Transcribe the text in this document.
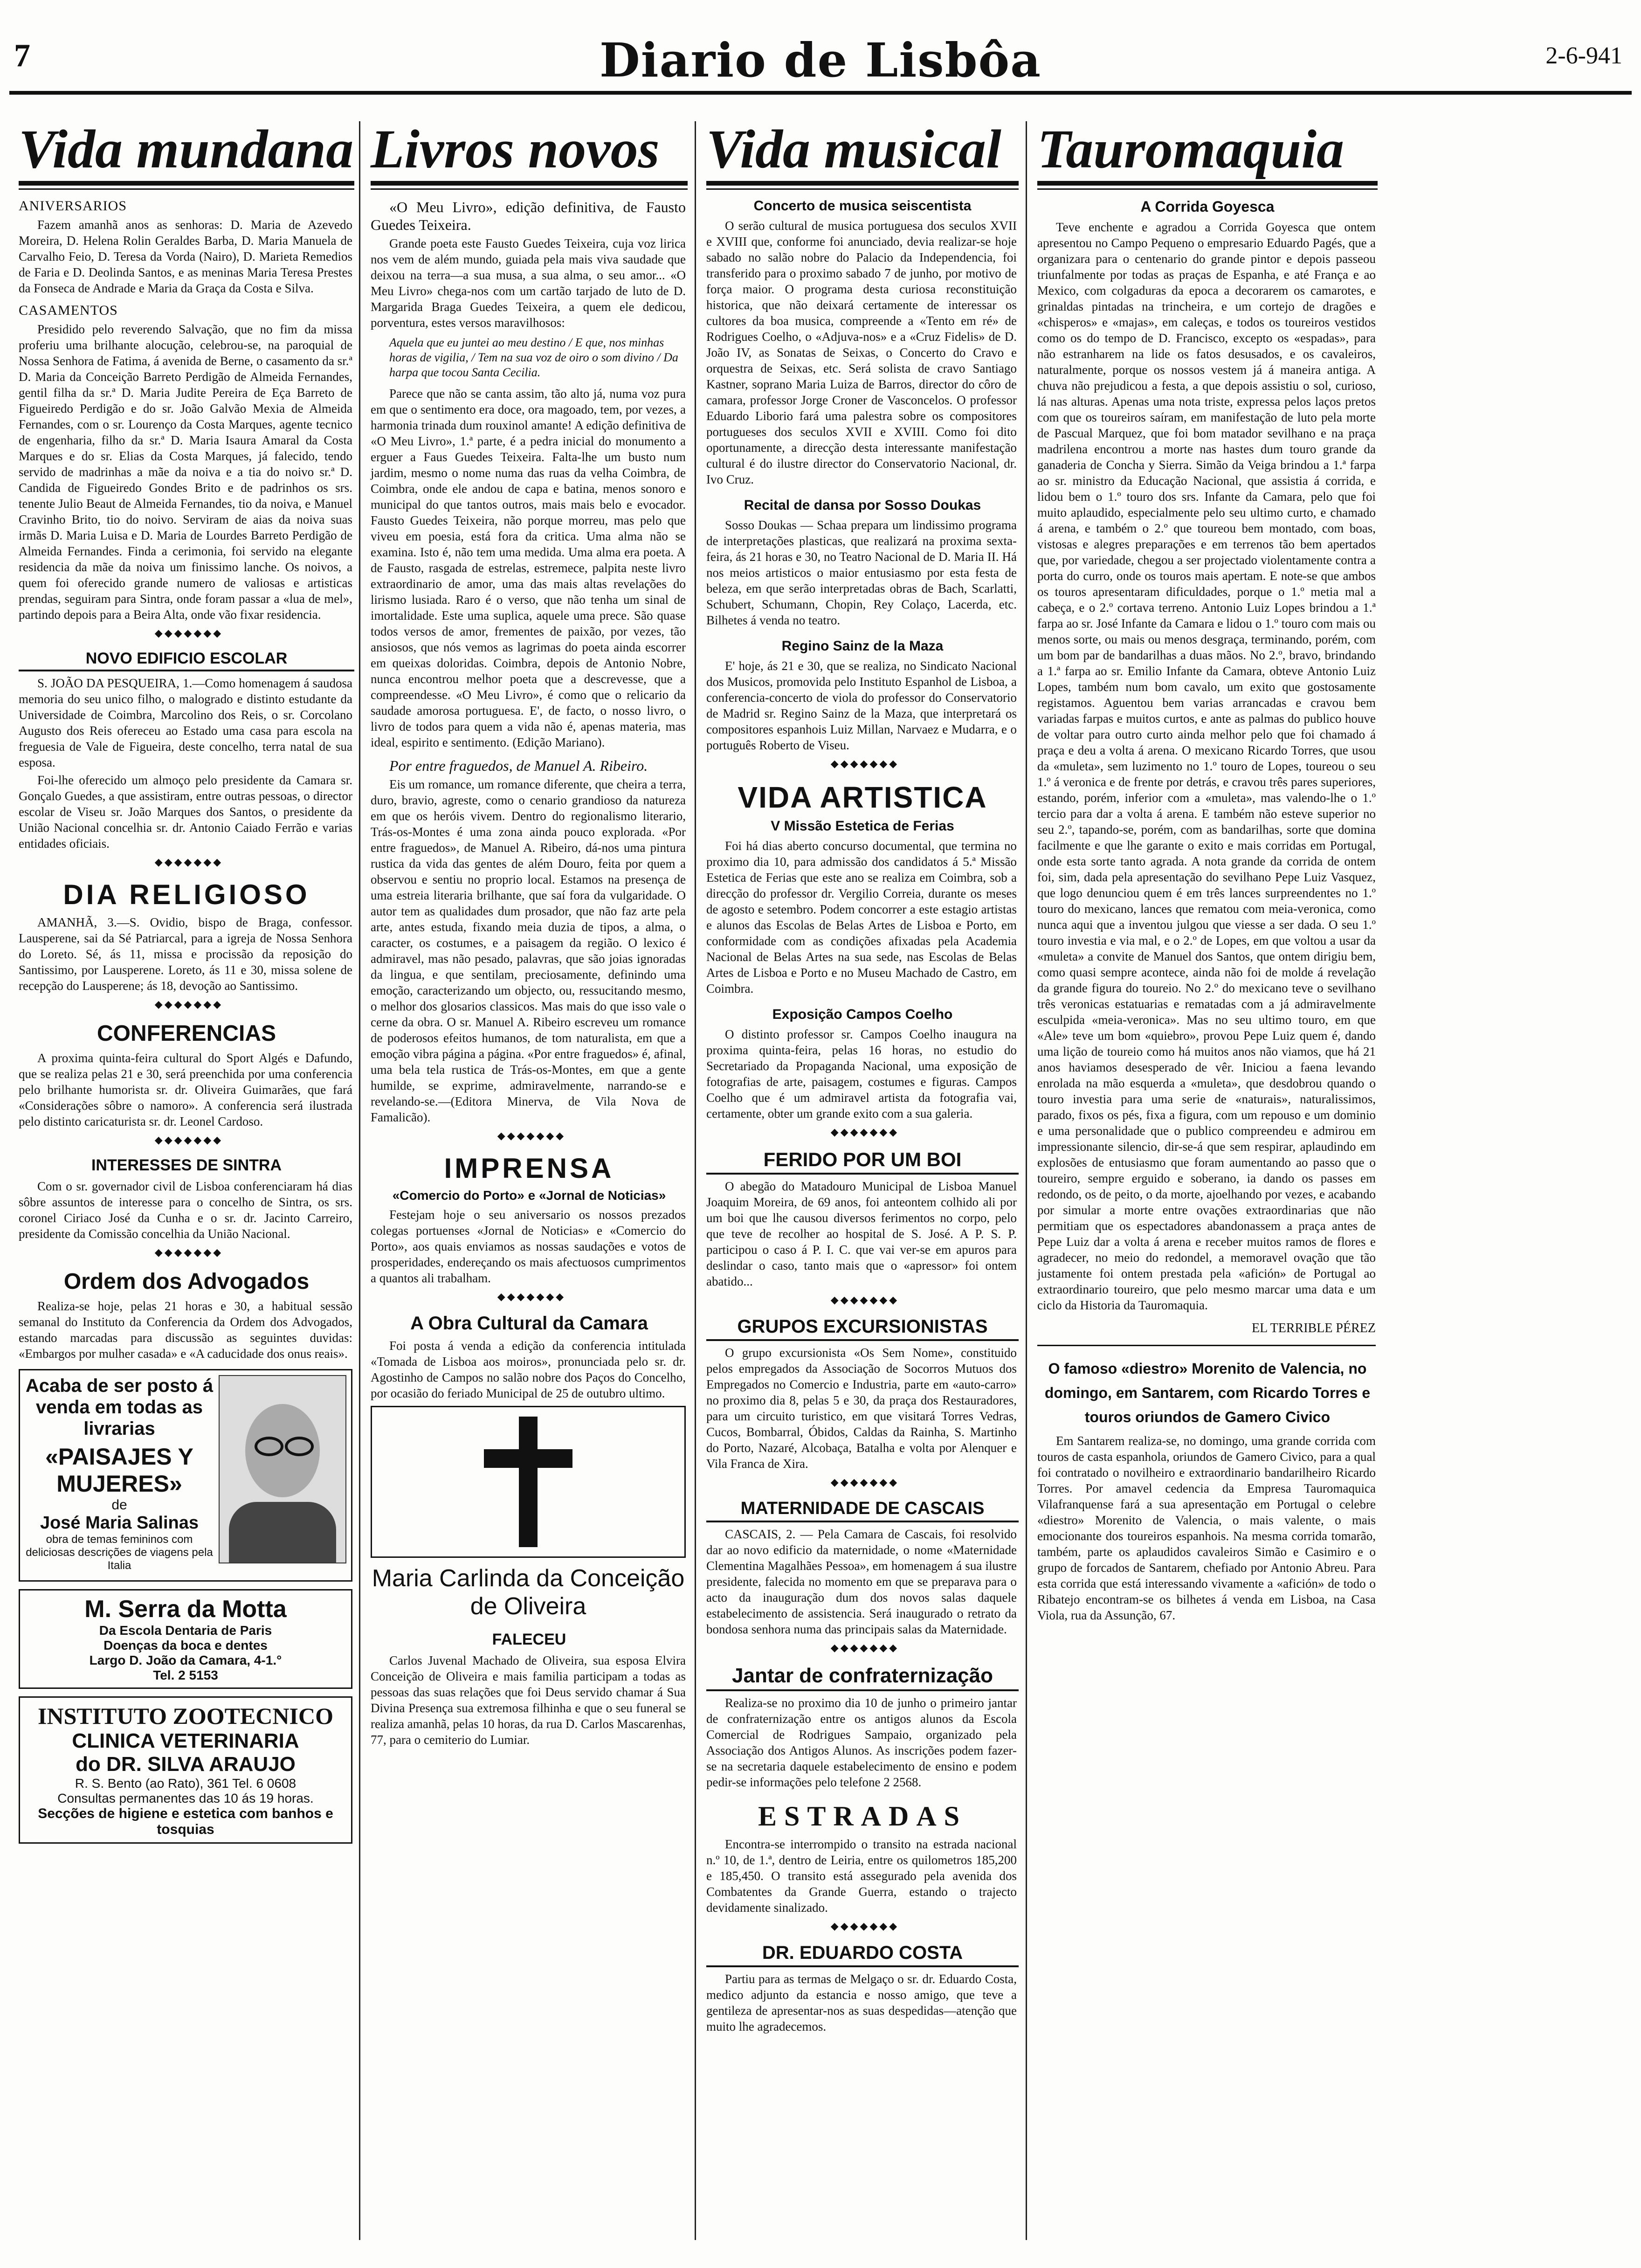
7	Diario de Lisbôa	2-6-941
Vida mundana
ANIVERSARIOS

Fazem amanhã anos as senhoras: D. Maria de Azevedo Moreira, D. Helena Rolin Geraldes Barba, D. Maria Manuela de Carvalho Feio, D. Teresa da Vorda (Nairo), D. Marieta Remedios de Faria e D. Deolinda Santos, e as meninas Maria Teresa Prestes da Fonseca de Andrade e Maria da Graça da Costa e Silva.

CASAMENTOS

Presidido pelo reverendo Salvação, que no fim da missa proferiu uma brilhante alocução, celebrou-se, na paroquial de Nossa Senhora de Fatima, á avenida de Berne, o casamento da sr.ª D. Maria da Conceição Barreto Perdigão de Almeida Fernandes, gentil filha da sr.ª D. Maria Judite Pereira de Eça Barreto de Figueiredo Perdigão e do sr. João Galvão Mexia de Almeida Fernandes, com o sr. Lourenço da Costa Marques, agente tecnico de engenharia, filho da sr.ª D. Maria Isaura Amaral da Costa Marques e do sr. Elias da Costa Marques, já falecido, tendo servido de madrinhas a mãe da noiva e a tia do noivo sr.ª D. Candida de Figueiredo Gondes Brito e de padrinhos os srs. tenente Julio Beaut de Almeida Fernandes, tio da noiva, e Manuel Cravinho Brito, tio do noivo. Serviram de aias da noiva suas irmãs D. Maria Luisa e D. Maria de Lourdes Barreto Perdigão de Almeida Fernandes. Finda a cerimonia, foi servido na elegante residencia da mãe da noiva um finissimo lanche. Os noivos, a quem foi oferecido grande numero de valiosas e artisticas prendas, seguiram para Sintra, onde foram passar a «lua de mel», partindo depois para a Beira Alta, onde vão fixar residencia.

◆◆◆◆◆◆◆
NOVO EDIFICIO ESCOLAR

S. JOÃO DA PESQUEIRA, 1.—Como homenagem á saudosa memoria do seu unico filho, o malogrado e distinto estudante da Universidade de Coimbra, Marcolino dos Reis, o sr. Corcolano Augusto dos Reis ofereceu ao Estado uma casa para escola na freguesia de Vale de Figueira, deste concelho, terra natal de sua esposa.

Foi-lhe oferecido um almoço pelo presidente da Camara sr. Gonçalo Guedes, a que assistiram, entre outras pessoas, o director escolar de Viseu sr. João Marques dos Santos, o presidente da União Nacional concelhia sr. dr. Antonio Caiado Ferrão e varias entidades oficiais.

◆◆◆◆◆◆◆
DIA RELIGIOSO

AMANHÃ, 3.—S. Ovidio, bispo de Braga, confessor. Lausperene, sai da Sé Patriarcal, para a igreja de Nossa Senhora do Loreto. Sé, ás 11, missa e procissão da reposição do Santissimo, por Lausperene. Loreto, ás 11 e 30, missa solene de recepção do Lausperene; ás 18, devoção ao Santissimo.

◆◆◆◆◆◆◆
CONFERENCIAS

A proxima quinta-feira cultural do Sport Algés e Dafundo, que se realiza pelas 21 e 30, será preenchida por uma conferencia pelo brilhante humorista sr. dr. Oliveira Guimarães, que fará «Considerações sôbre o namoro». A conferencia será ilustrada pelo distinto caricaturista sr. dr. Leonel Cardoso.

◆◆◆◆◆◆◆
INTERESSES DE SINTRA

Com o sr. governador civil de Lisboa conferenciaram há dias sôbre assuntos de interesse para o concelho de Sintra, os srs. coronel Ciriaco José da Cunha e o sr. dr. Jacinto Carreiro, presidente da Comissão concelhia da União Nacional.

◆◆◆◆◆◆◆
Ordem dos Advogados

Realiza-se hoje, pelas 21 horas e 30, a habitual sessão semanal do Instituto da Conferencia da Ordem dos Advogados, estando marcadas para discussão as seguintes duvidas: «Embargos por mulher casada» e «A caducidade dos onus reais».

Acaba de ser posto á venda em todas as livrarias
«PAISAJES Y MUJERES»
de
José Maria Salinas
obra de temas femininos com deliciosas descrições de viagens pela Italia
M. Serra da Motta
Da Escola Dentaria de Paris
Doenças da boca e dentes
Largo D. João da Camara, 4-1.°
Tel. 2 5153
INSTITUTO ZOOTECNICO
CLINICA VETERINARIA
do DR. SILVA ARAUJO
R. S. Bento (ao Rato), 361 Tel. 6 0608
Consultas permanentes das 10 ás 19 horas.
Secções de higiene e estetica com banhos e tosquias
Livros novos

«O Meu Livro», edição definitiva, de Fausto Guedes Teixeira.

Grande poeta este Fausto Guedes Teixeira, cuja voz lirica nos vem de além mundo, guiada pela mais viva saudade que deixou na terra—a sua musa, a sua alma, o seu amor... «O Meu Livro» chega-nos com um cartão tarjado de luto de D. Margarida Braga Guedes Teixeira, a quem ele dedicou, porventura, estes versos maravilhosos:

Aquela que eu juntei ao meu destino / E que, nos minhas horas de vigilia, / Tem na sua voz de oiro o som divino / Da harpa que tocou Santa Cecilia.

Parece que não se canta assim, tão alto já, numa voz pura em que o sentimento era doce, ora magoado, tem, por vezes, a harmonia trinada dum rouxinol amante! A edição definitiva de «O Meu Livro», 1.ª parte, é a pedra inicial do monumento a erguer a Faus Guedes Teixeira. Falta-lhe um busto num jardim, mesmo o nome numa das ruas da velha Coimbra, de Coimbra, onde ele andou de capa e batina, menos sonoro e municipal do que tantos outros, mais mais belo e evocador. Fausto Guedes Teixeira, não porque morreu, mas pelo que viveu em poesia, está fora da critica. Uma alma não se examina. Isto é, não tem uma medida. Uma alma era poeta. A de Fausto, rasgada de estrelas, estremece, palpita neste livro extraordinario de amor, uma das mais altas revelações do lirismo lusiada. Raro é o verso, que não tenha um sinal de imortalidade. Este uma suplica, aquele uma prece. São quase todos versos de amor, frementes de paixão, por vezes, tão ansiosos, que nós vemos as lagrimas do poeta ainda escorrer em queixas doloridas. Coimbra, depois de Antonio Nobre, nunca encontrou melhor poeta que a descrevesse, que a compreendesse. «O Meu Livro», é como que o relicario da saudade amorosa portuguesa. E', de facto, o nosso livro, o livro de todos para quem a vida não é, apenas materia, mas ideal, espirito e sentimento. (Edição Mariano).

Por entre fraguedos, de Manuel A. Ribeiro.

Eis um romance, um romance diferente, que cheira a terra, duro, bravio, agreste, como o cenario grandioso da natureza em que os heróis vivem. Dentro do regionalismo literario, Trás-os-Montes é uma zona ainda pouco explorada. «Por entre fraguedos», de Manuel A. Ribeiro, dá-nos uma pintura rustica da vida das gentes de além Douro, feita por quem a observou e sentiu no proprio local. Estamos na presença de uma estreia literaria brilhante, que saí fora da vulgaridade. O autor tem as qualidades dum prosador, que não faz arte pela arte, antes estuda, fixando meia duzia de tipos, a alma, o caracter, os costumes, e a paisagem da região. O lexico é admiravel, mas não pesado, palavras, que são joias ignoradas da lingua, e que sentilam, preciosamente, definindo uma emoção, caracterizando um objecto, ou, ressucitando mesmo, o melhor dos glosarios classicos. Mas mais do que isso vale o cerne da obra. O sr. Manuel A. Ribeiro escreveu um romance de poderosos efeitos humanos, de tom naturalista, em que a emoção vibra página a página. «Por entre fraguedos» é, afinal, uma bela tela rustica de Trás-os-Montes, em que a gente humilde, se exprime, admiravelmente, narrando-se e revelando-se.—(Editora Minerva, de Vila Nova de Famalicão).

◆◆◆◆◆◆◆
IMPRENSA
«Comercio do Porto» e «Jornal de Noticias»

Festejam hoje o seu aniversario os nossos prezados colegas portuenses «Jornal de Noticias» e «Comercio do Porto», aos quais enviamos as nossas saudações e votos de prosperidades, endereçando os mais afectuosos cumprimentos a quantos ali trabalham.

◆◆◆◆◆◆◆
A Obra Cultural da Camara

Foi posta á venda a edição da conferencia intitulada «Tomada de Lisboa aos moiros», pronunciada pelo sr. dr. Agostinho de Campos no salão nobre dos Paços do Concelho, por ocasião do feriado Municipal de 25 de outubro ultimo.

Maria Carlinda da Conceição de Oliveira
FALECEU

Carlos Juvenal Machado de Oliveira, sua esposa Elvira Conceição de Oliveira e mais familia participam a todas as pessoas das suas relações que foi Deus servido chamar á Sua Divina Presença sua extremosa filhinha e que o seu funeral se realiza amanhã, pelas 10 horas, da rua D. Carlos Mascarenhas, 77, para o cemiterio do Lumiar.

Vida musical
Concerto de musica seiscentista

O serão cultural de musica portuguesa dos seculos XVII e XVIII que, conforme foi anunciado, devia realizar-se hoje sabado no salão nobre do Palacio da Independencia, foi transferido para o proximo sabado 7 de junho, por motivo de força maior. O programa desta curiosa reconstituição historica, que não deixará certamente de interessar os cultores da boa musica, compreende a «Tento em ré» de Rodrigues Coelho, o «Adjuva-nos» e a «Cruz Fidelis» de D. João IV, as Sonatas de Seixas, o Concerto do Cravo e orquestra de Seixas, etc. Será solista de cravo Santiago Kastner, soprano Maria Luiza de Barros, director do côro de camara, professor Jorge Croner de Vasconcelos. O professor Eduardo Liborio fará uma palestra sobre os compositores portugueses dos seculos XVII e XVIII. Como foi dito oportunamente, a direcção desta interessante manifestação cultural é do ilustre director do Conservatorio Nacional, dr. Ivo Cruz.

Recital de dansa por Sosso Doukas

Sosso Doukas — Schaa prepara um lindissimo programa de interpretações plasticas, que realizará na proxima sexta-feira, ás 21 horas e 30, no Teatro Nacional de D. Maria II. Há nos meios artisticos o maior entusiasmo por esta festa de beleza, em que serão interpretadas obras de Bach, Scarlatti, Schubert, Schumann, Chopin, Rey Colaço, Lacerda, etc. Bilhetes á venda no teatro.

Regino Sainz de la Maza

E' hoje, ás 21 e 30, que se realiza, no Sindicato Nacional dos Musicos, promovida pelo Instituto Espanhol de Lisboa, a conferencia-concerto de viola do professor do Conservatorio de Madrid sr. Regino Sainz de la Maza, que interpretará os compositores espanhois Luiz Millan, Narvaez e Mudarra, e o português Roberto de Viseu.

◆◆◆◆◆◆◆
VIDA ARTISTICA
V Missão Estetica de Ferias

Foi há dias aberto concurso documental, que termina no proximo dia 10, para admissão dos candidatos á 5.ª Missão Estetica de Ferias que este ano se realiza em Coimbra, sob a direcção do professor dr. Vergilio Correia, durante os meses de agosto e setembro. Podem concorrer a este estagio artistas e alunos das Escolas de Belas Artes de Lisboa e Porto, em conformidade com as condições afixadas pela Academia Nacional de Belas Artes na sua sede, nas Escolas de Belas Artes de Lisboa e Porto e no Museu Machado de Castro, em Coimbra.

Exposição Campos Coelho

O distinto professor sr. Campos Coelho inaugura na proxima quinta-feira, pelas 16 horas, no estudio do Secretariado da Propaganda Nacional, uma exposição de fotografias de arte, paisagem, costumes e figuras. Campos Coelho que é um admiravel artista da fotografia vai, certamente, obter um grande exito com a sua galeria.

◆◆◆◆◆◆◆
FERIDO POR UM BOI

O abegão do Matadouro Municipal de Lisboa Manuel Joaquim Moreira, de 69 anos, foi anteontem colhido ali por um boi que lhe causou diversos ferimentos no corpo, pelo que teve de recolher ao hospital de S. José. A P. S. P. participou o caso á P. I. C. que vai ver-se em apuros para deslindar o caso, tanto mais que o «apressor» foi ontem abatido...

◆◆◆◆◆◆◆
GRUPOS EXCURSIONISTAS

O grupo excursionista «Os Sem Nome», constituido pelos empregados da Associação de Socorros Mutuos dos Empregados no Comercio e Industria, parte em «auto-carro» no proximo dia 8, pelas 5 e 30, da praça dos Restauradores, para um circuito turistico, em que visitará Torres Vedras, Cucos, Bombarral, Óbidos, Caldas da Rainha, S. Martinho do Porto, Nazaré, Alcobaça, Batalha e volta por Alenquer e Vila Franca de Xira.

◆◆◆◆◆◆◆
MATERNIDADE DE CASCAIS

CASCAIS, 2. — Pela Camara de Cascais, foi resolvido dar ao novo edificio da maternidade, o nome «Maternidade Clementina Magalhães Pessoa», em homenagem á sua ilustre presidente, falecida no momento em que se preparava para o acto da inauguração dum dos novos salas daquele estabelecimento de assistencia. Será inaugurado o retrato da bondosa senhora numa das principais salas da Maternidade.

◆◆◆◆◆◆◆
Jantar de confraternização

Realiza-se no proximo dia 10 de junho o primeiro jantar de confraternização entre os antigos alunos da Escola Comercial de Rodrigues Sampaio, organizado pela Associação dos Antigos Alunos. As inscrições podem fazer-se na secretaria daquele estabelecimento de ensino e podem pedir-se informações pelo telefone 2 2568.

ESTRADAS

Encontra-se interrompido o transito na estrada nacional n.º 10, de 1.ª, dentro de Leiria, entre os quilometros 185,200 e 185,450. O transito está assegurado pela avenida dos Combatentes da Grande Guerra, estando o trajecto devidamente sinalizado.

◆◆◆◆◆◆◆
DR. EDUARDO COSTA

Partiu para as termas de Melgaço o sr. dr. Eduardo Costa, medico adjunto da estancia e nosso amigo, que teve a gentileza de apresentar-nos as suas despedidas—atenção que muito lhe agradecemos.

Tauromaquia
A Corrida Goyesca

Teve enchente e agradou a Corrida Goyesca que ontem apresentou no Campo Pequeno o empresario Eduardo Pagés, que a organizara para o centenario do grande pintor e depois passeou triunfalmente por todas as praças de Espanha, e até França e ao Mexico, com colgaduras da epoca a decorarem os camarotes, e grinaldas pintadas na trincheira, e um cortejo de dragões e «chisperos» e «majas», em caleças, e todos os toureiros vestidos como os do tempo de D. Francisco, excepto os «espadas», para não estranharem na lide os fatos desusados, e os cavaleiros, naturalmente, porque os nossos vestem já á maneira antiga. A chuva não prejudicou a festa, a que depois assistiu o sol, curioso, lá nas alturas. Apenas uma nota triste, expressa pelos laços pretos com que os toureiros saíram, em manifestação de luto pela morte de Pascual Marquez, que foi bom matador sevilhano e na praça madrilena encontrou a morte nas hastes dum touro grande da ganaderia de Concha y Sierra. Simão da Veiga brindou a 1.ª farpa ao sr. ministro da Educação Nacional, que assistia á corrida, e lidou bem o 1.º touro dos srs. Infante da Camara, pelo que foi muito aplaudido, especialmente pelo seu ultimo curto, e chamado á arena, e também o 2.º que toureou bem montado, com boas, vistosas e alegres preparações e em terrenos tão bem apertados que, por variedade, chegou a ser projectado violentamente contra a porta do curro, onde os touros mais apertam. E note-se que ambos os touros apresentaram dificuldades, porque o 1.º metia mal a cabeça, e o 2.º cortava terreno. Antonio Luiz Lopes brindou a 1.ª farpa ao sr. José Infante da Camara e lidou o 1.º touro com mais ou menos sorte, ou mais ou menos desgraça, terminando, porém, com um bom par de bandarilhas a duas mãos. No 2.º, bravo, brindando a 1.ª farpa ao sr. Emilio Infante da Camara, obteve Antonio Luiz Lopes, também num bom cavalo, um exito que gostosamente registamos. Aguentou bem varias arrancadas e cravou bem variadas farpas e muitos curtos, e ante as palmas do publico houve de voltar para outro curto ainda melhor pelo que foi chamado á praça e deu a volta á arena. O mexicano Ricardo Torres, que usou da «muleta», sem luzimento no 1.º touro de Lopes, toureou o seu 1.º á veronica e de frente por detrás, e cravou três pares superiores, estando, porém, inferior com a «muleta», mas valendo-lhe o 1.º tercio para dar a volta á arena. E também não esteve superior no seu 2.º, tapando-se, porém, com as bandarilhas, sorte que domina facilmente e que lhe garante o exito e mais corridas em Portugal, onde esta sorte tanto agrada. A nota grande da corrida de ontem foi, sim, dada pela apresentação do sevilhano Pepe Luiz Vasquez, que logo denunciou quem é em três lances surpreendentes no 1.º touro do mexicano, lances que rematou com meia-veronica, como nunca aqui que a inventou julgou que viesse a ser dada. O seu 1.º touro investia e via mal, e o 2.º de Lopes, em que voltou a usar da «muleta» a convite de Manuel dos Santos, que ontem dirigiu bem, como quasi sempre acontece, ainda não foi de molde á revelação da grande figura do toureio. No 2.º do mexicano teve o sevilhano três veronicas estatuarias e rematadas com a já admiravelmente esculpida «meia-veronica». Mas no seu ultimo touro, em que «Ale» teve um bom «quiebro», provou Pepe Luiz quem é, dando uma lição de toureio como há muitos anos não viamos, que há 21 anos haviamos desesperado de vêr. Iniciou a faena levando enrolada na mão esquerda a «muleta», que desdobrou quando o touro investia para uma serie de «naturais», naturalissimos, parado, fixos os pés, fixa a figura, com um repouso e um dominio e uma personalidade que o publico compreendeu e admirou em impressionante silencio, dir-se-á que sem respirar, aplaudindo em explosões de entusiasmo que foram aumentando ao passo que o toureiro, sempre erguido e soberano, ia dando os passes em redondo, os de peito, o da morte, ajoelhando por vezes, e acabando por simular a morte entre ovações extraordinarias que não permitiam que os espectadores abandonassem a praça antes de Pepe Luiz dar a volta á arena e receber muitos ramos de flores e agradecer, no meio do redondel, a memoravel ovação que tão justamente foi ontem prestada pela «afición» de Portugal ao extraordinario toureiro, que pelo mesmo marcar uma data e um ciclo da Historia da Tauromaquia.

EL TERRIBLE PÉREZ
O famoso «diestro» Morenito de Valencia, no domingo, em Santarem, com Ricardo Torres e touros oriundos de Gamero Civico

Em Santarem realiza-se, no domingo, uma grande corrida com touros de casta espanhola, oriundos de Gamero Civico, para a qual foi contratado o novilheiro e extraordinario bandarilheiro Ricardo Torres. Por amavel cedencia da Empresa Tauromaquica Vilafranquense fará a sua apresentação em Portugal o celebre «diestro» Morenito de Valencia, o mais valente, o mais emocionante dos toureiros espanhois. Na mesma corrida tomarão, também, parte os aplaudidos cavaleiros Simão e Casimiro e o grupo de forcados de Santarem, chefiado por Antonio Abreu. Para esta corrida que está interessando vivamente a «afición» de todo o Ribatejo encontram-se os bilhetes á venda em Lisboa, na Casa Viola, rua da Assunção, 67.
